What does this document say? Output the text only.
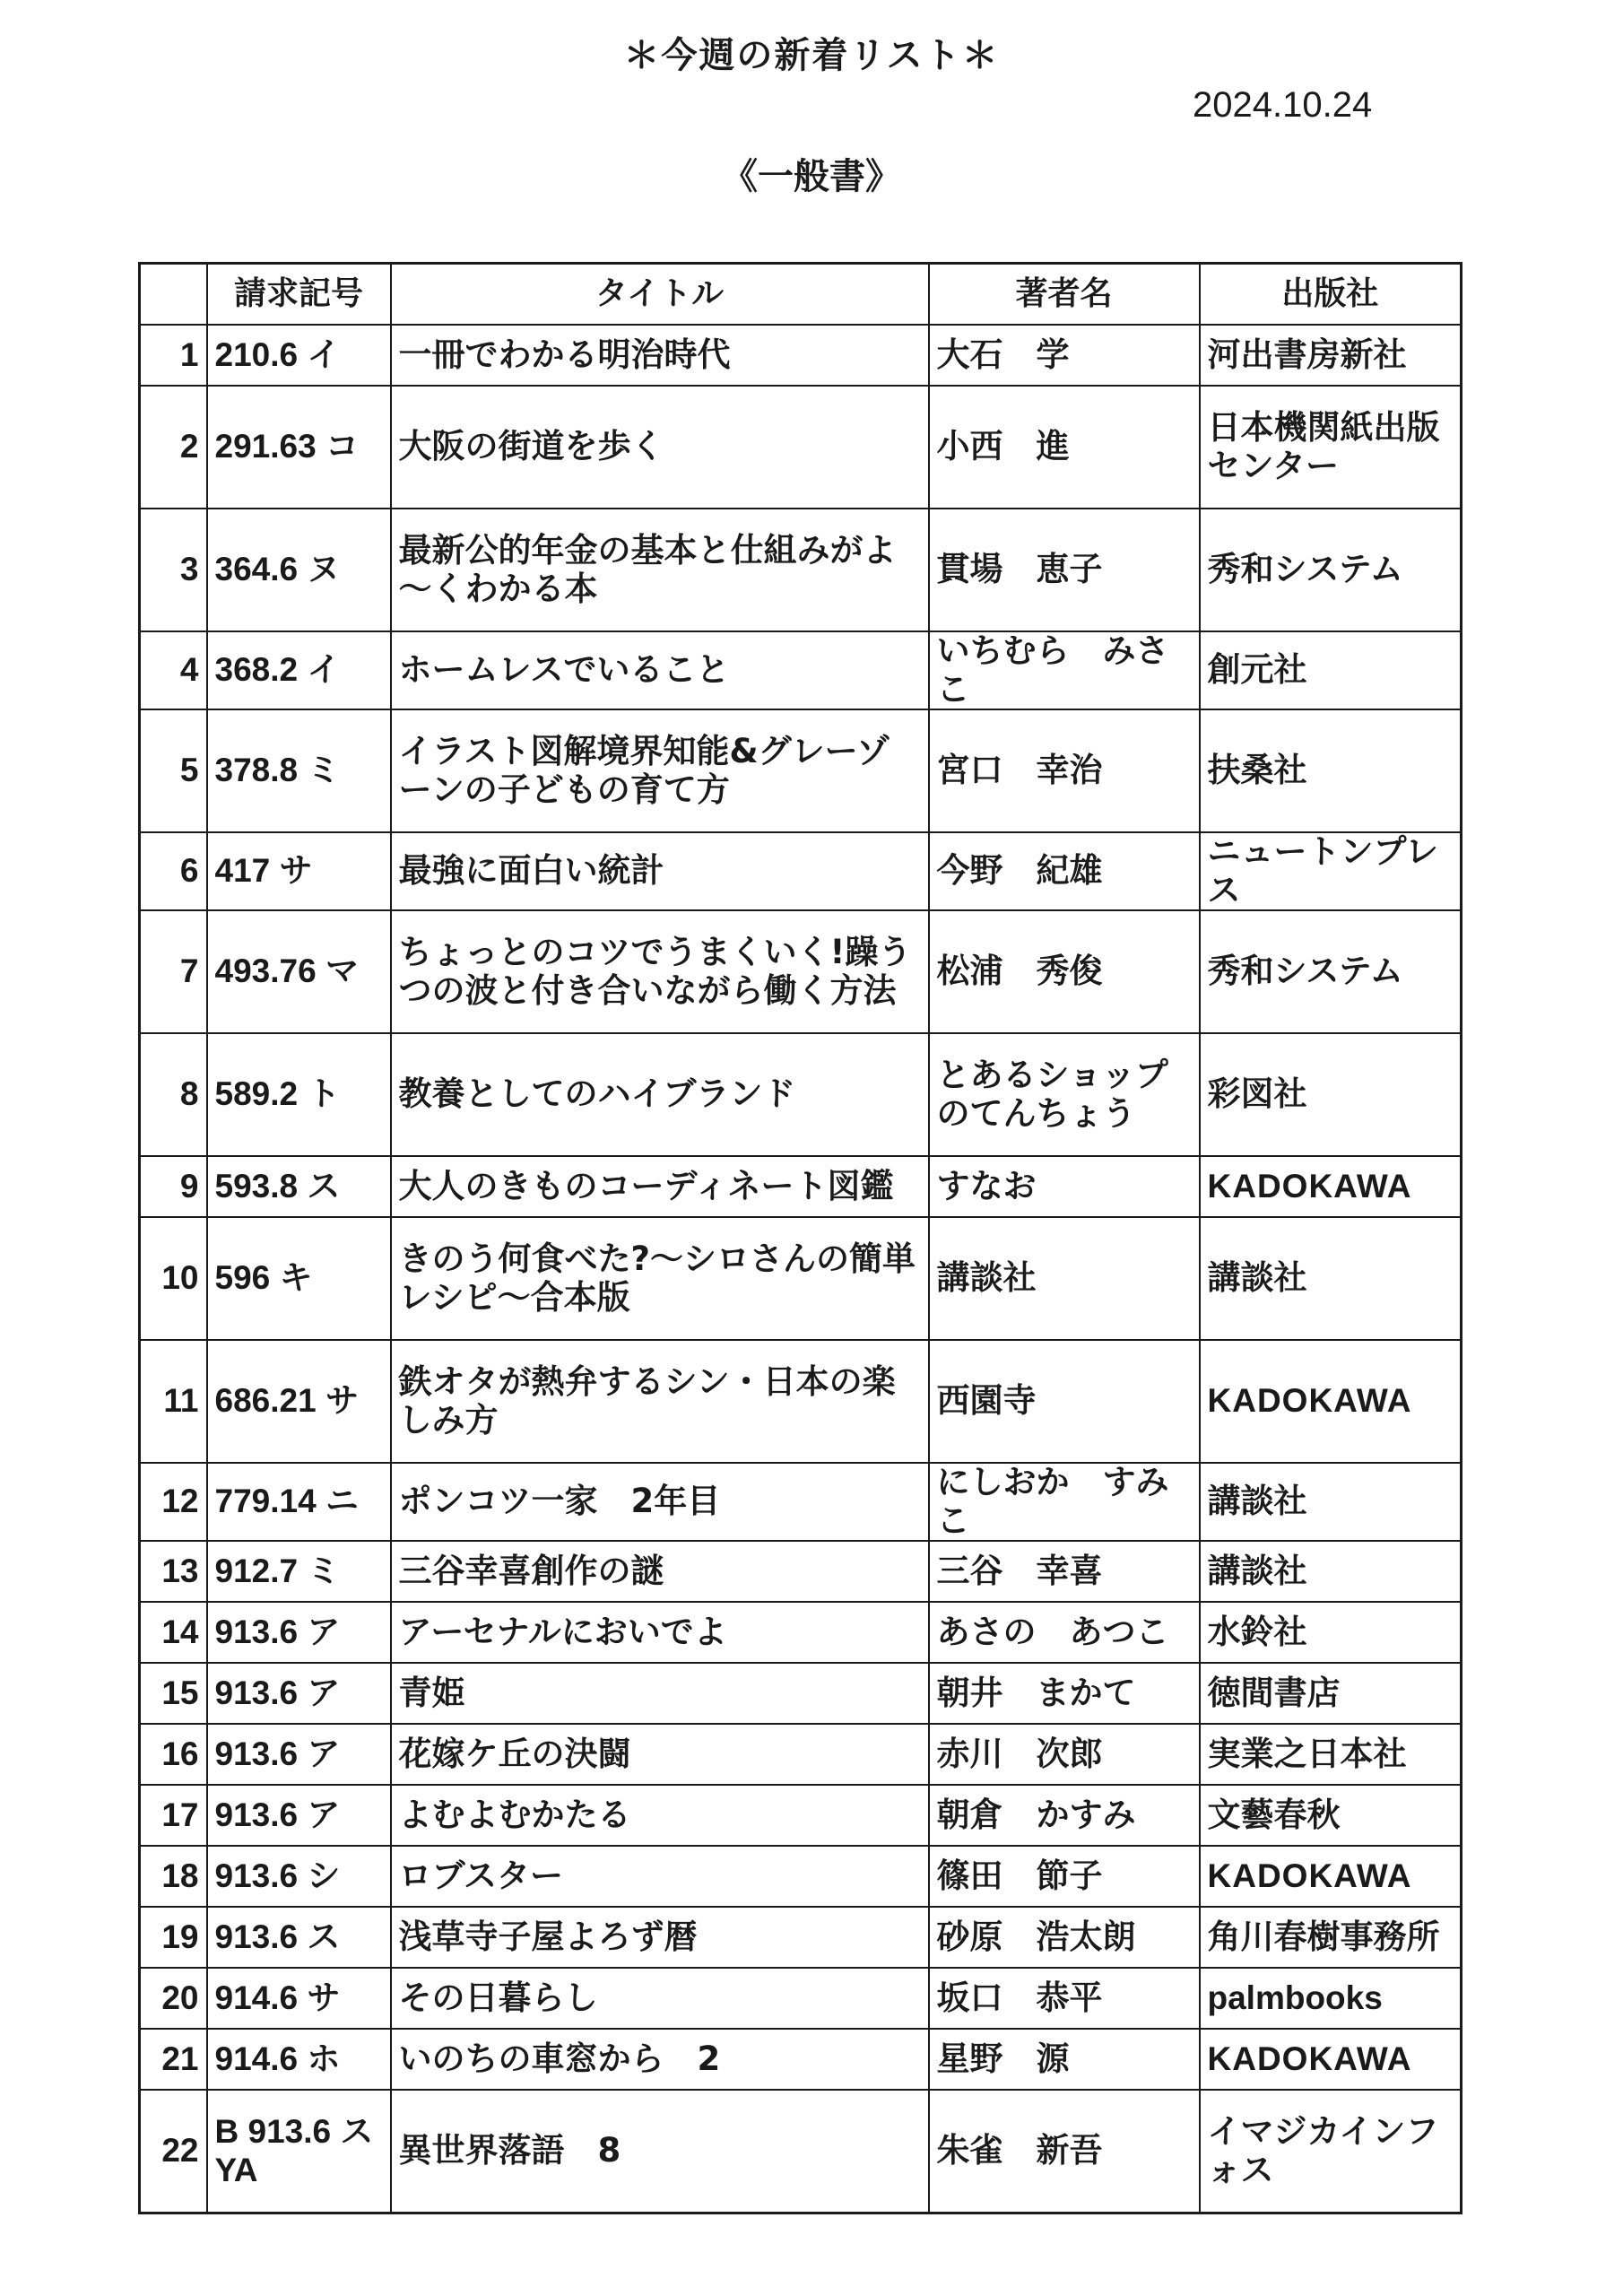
＊今週の新着リスト＊
2024.10.24
《一般書》
	請求記号	タイトル	著者名	出版社
1	210.6 イ	一冊でわかる明治時代	大石　学	河出書房新社
2	291.63 コ	大阪の街道を歩く	小西　進	日本機関紙出版センター
3	364.6 ヌ	最新公的年金の基本と仕組みがよ～くわかる本	貫場　恵子	秀和システム
4	368.2 イ	ホームレスでいること	いちむら　みさこ	創元社
5	378.8 ミ	イラスト図解境界知能&グレーゾーンの子どもの育て方	宮口　幸治	扶桑社
6	417 サ	最強に面白い統計	今野　紀雄	ニュートンプレス
7	493.76 マ	ちょっとのコツでうまくいく!躁うつの波と付き合いながら働く方法	松浦　秀俊	秀和システム
8	589.2 ト	教養としてのハイブランド	とあるショップのてんちょう	彩図社
9	593.8 ス	大人のきものコーディネート図鑑	すなお	KADOKAWA
10	596 キ	きのう何食べた?～シロさんの簡単レシピ～合本版	講談社	講談社
11	686.21 サ	鉄オタが熱弁するシン・日本の楽しみ方	西園寺	KADOKAWA
12	779.14 ニ	ポンコツ一家　2年目	にしおか　すみこ	講談社
13	912.7 ミ	三谷幸喜創作の謎	三谷　幸喜	講談社
14	913.6 ア	アーセナルにおいでよ	あさの　あつこ	水鈴社
15	913.6 ア	青姫	朝井　まかて	徳間書店
16	913.6 ア	花嫁ケ丘の決闘	赤川　次郎	実業之日本社
17	913.6 ア	よむよむかたる	朝倉　かすみ	文藝春秋
18	913.6 シ	ロブスター	篠田　節子	KADOKAWA
19	913.6 ス	浅草寺子屋よろず暦	砂原　浩太朗	角川春樹事務所
20	914.6 サ	その日暮らし	坂口　恭平	palmbooks
21	914.6 ホ	いのちの車窓から　2	星野　源	KADOKAWA
22	B 913.6 スYA	異世界落語　8	朱雀　新吾	イマジカインフォス
